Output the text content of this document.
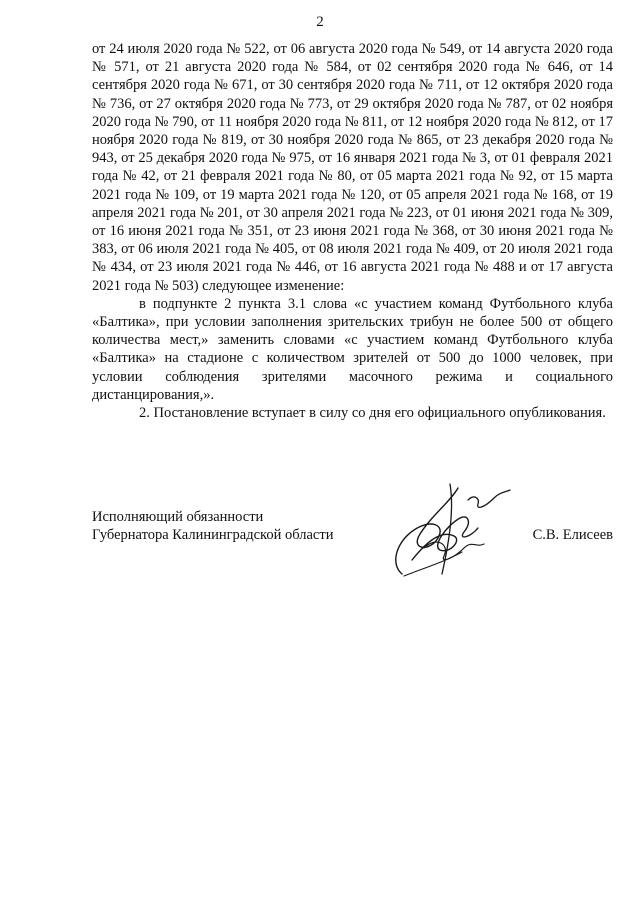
2

от 24 июля 2020 года № 522, от 06 августа 2020 года № 549, от 14 августа 2020 года № 571, от 21 августа 2020 года № 584, от 02 сентября 2020 года № 646, от 14 сентября 2020 года № 671, от 30 сентября 2020 года № 711, от 12 октября 2020 года № 736, от 27 октября 2020 года № 773, от 29 октября 2020 года № 787, от 02 ноября 2020 года № 790, от 11 ноября 2020 года № 811, от 12 ноября 2020 года № 812, от 17 ноября 2020 года № 819, от 30 ноября 2020 года № 865, от 23 декабря 2020 года № 943, от 25 декабря 2020 года № 975, от 16 января 2021 года № 3, от 01 февраля 2021 года № 42, от 21 февраля 2021 года № 80, от 05 марта 2021 года № 92, от 15 марта 2021 года № 109, от 19 марта 2021 года № 120, от 05 апреля 2021 года № 168, от 19 апреля 2021 года № 201, от 30 апреля 2021 года № 223, от 01 июня 2021 года № 309, от 16 июня 2021 года № 351, от 23 июня 2021 года № 368, от 30 июня 2021 года № 383, от 06 июля 2021 года № 405, от 08 июля 2021 года № 409, от 20 июля 2021 года № 434, от 23 июля 2021 года № 446, от 16 августа 2021 года № 488 и от 17 августа 2021 года № 503) следующее изменение:

в подпункте 2 пункта 3.1 слова «с участием команд Футбольного клуба «Балтика», при условии заполнения зрительских трибун не более 500 от общего количества мест,» заменить словами «с участием команд Футбольного клуба «Балтика» на стадионе с количеством зрителей от 500 до 1000 человек, при условии соблюдения зрителями масочного режима и социального дистанцирования,».

2. Постановление вступает в силу со дня его официального опубликования.

Исполняющий обязанности
Губернатора Калининградской области	С.В. Елисеев
